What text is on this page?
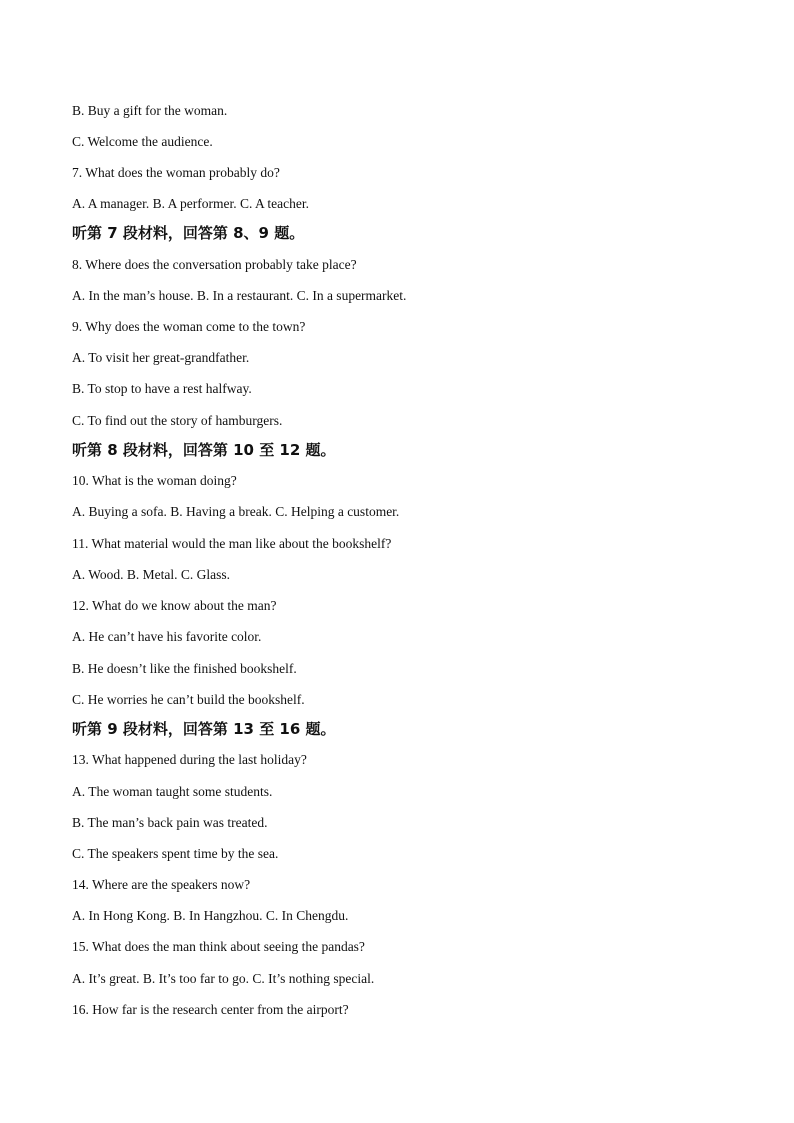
B. Buy a gift for the woman.
C. Welcome the audience.
7. What does the woman probably do?
A. A manager. B. A performer. C. A teacher.
听第 7 段材料，回答第 8、9 题。
8. Where does the conversation probably take place?
A. In the man’s house. B. In a restaurant. C. In a supermarket.
9. Why does the woman come to the town?
A. To visit her great-grandfather.
B. To stop to have a rest halfway.
C. To find out the story of hamburgers.
听第 8 段材料，回答第 10 至 12 题。
10. What is the woman doing?
A. Buying a sofa. B. Having a break. C. Helping a customer.
11. What material would the man like about the bookshelf?
A. Wood. B. Metal. C. Glass.
12. What do we know about the man?
A. He can’t have his favorite color.
B. He doesn’t like the finished bookshelf.
C. He worries he can’t build the bookshelf.
听第 9 段材料，回答第 13 至 16 题。
13. What happened during the last holiday?
A. The woman taught some students.
B. The man’s back pain was treated.
C. The speakers spent time by the sea.
14. Where are the speakers now?
A. In Hong Kong. B. In Hangzhou. C. In Chengdu.
15. What does the man think about seeing the pandas?
A. It’s great. B. It’s too far to go. C. It’s nothing special.
16. How far is the research center from the airport?
